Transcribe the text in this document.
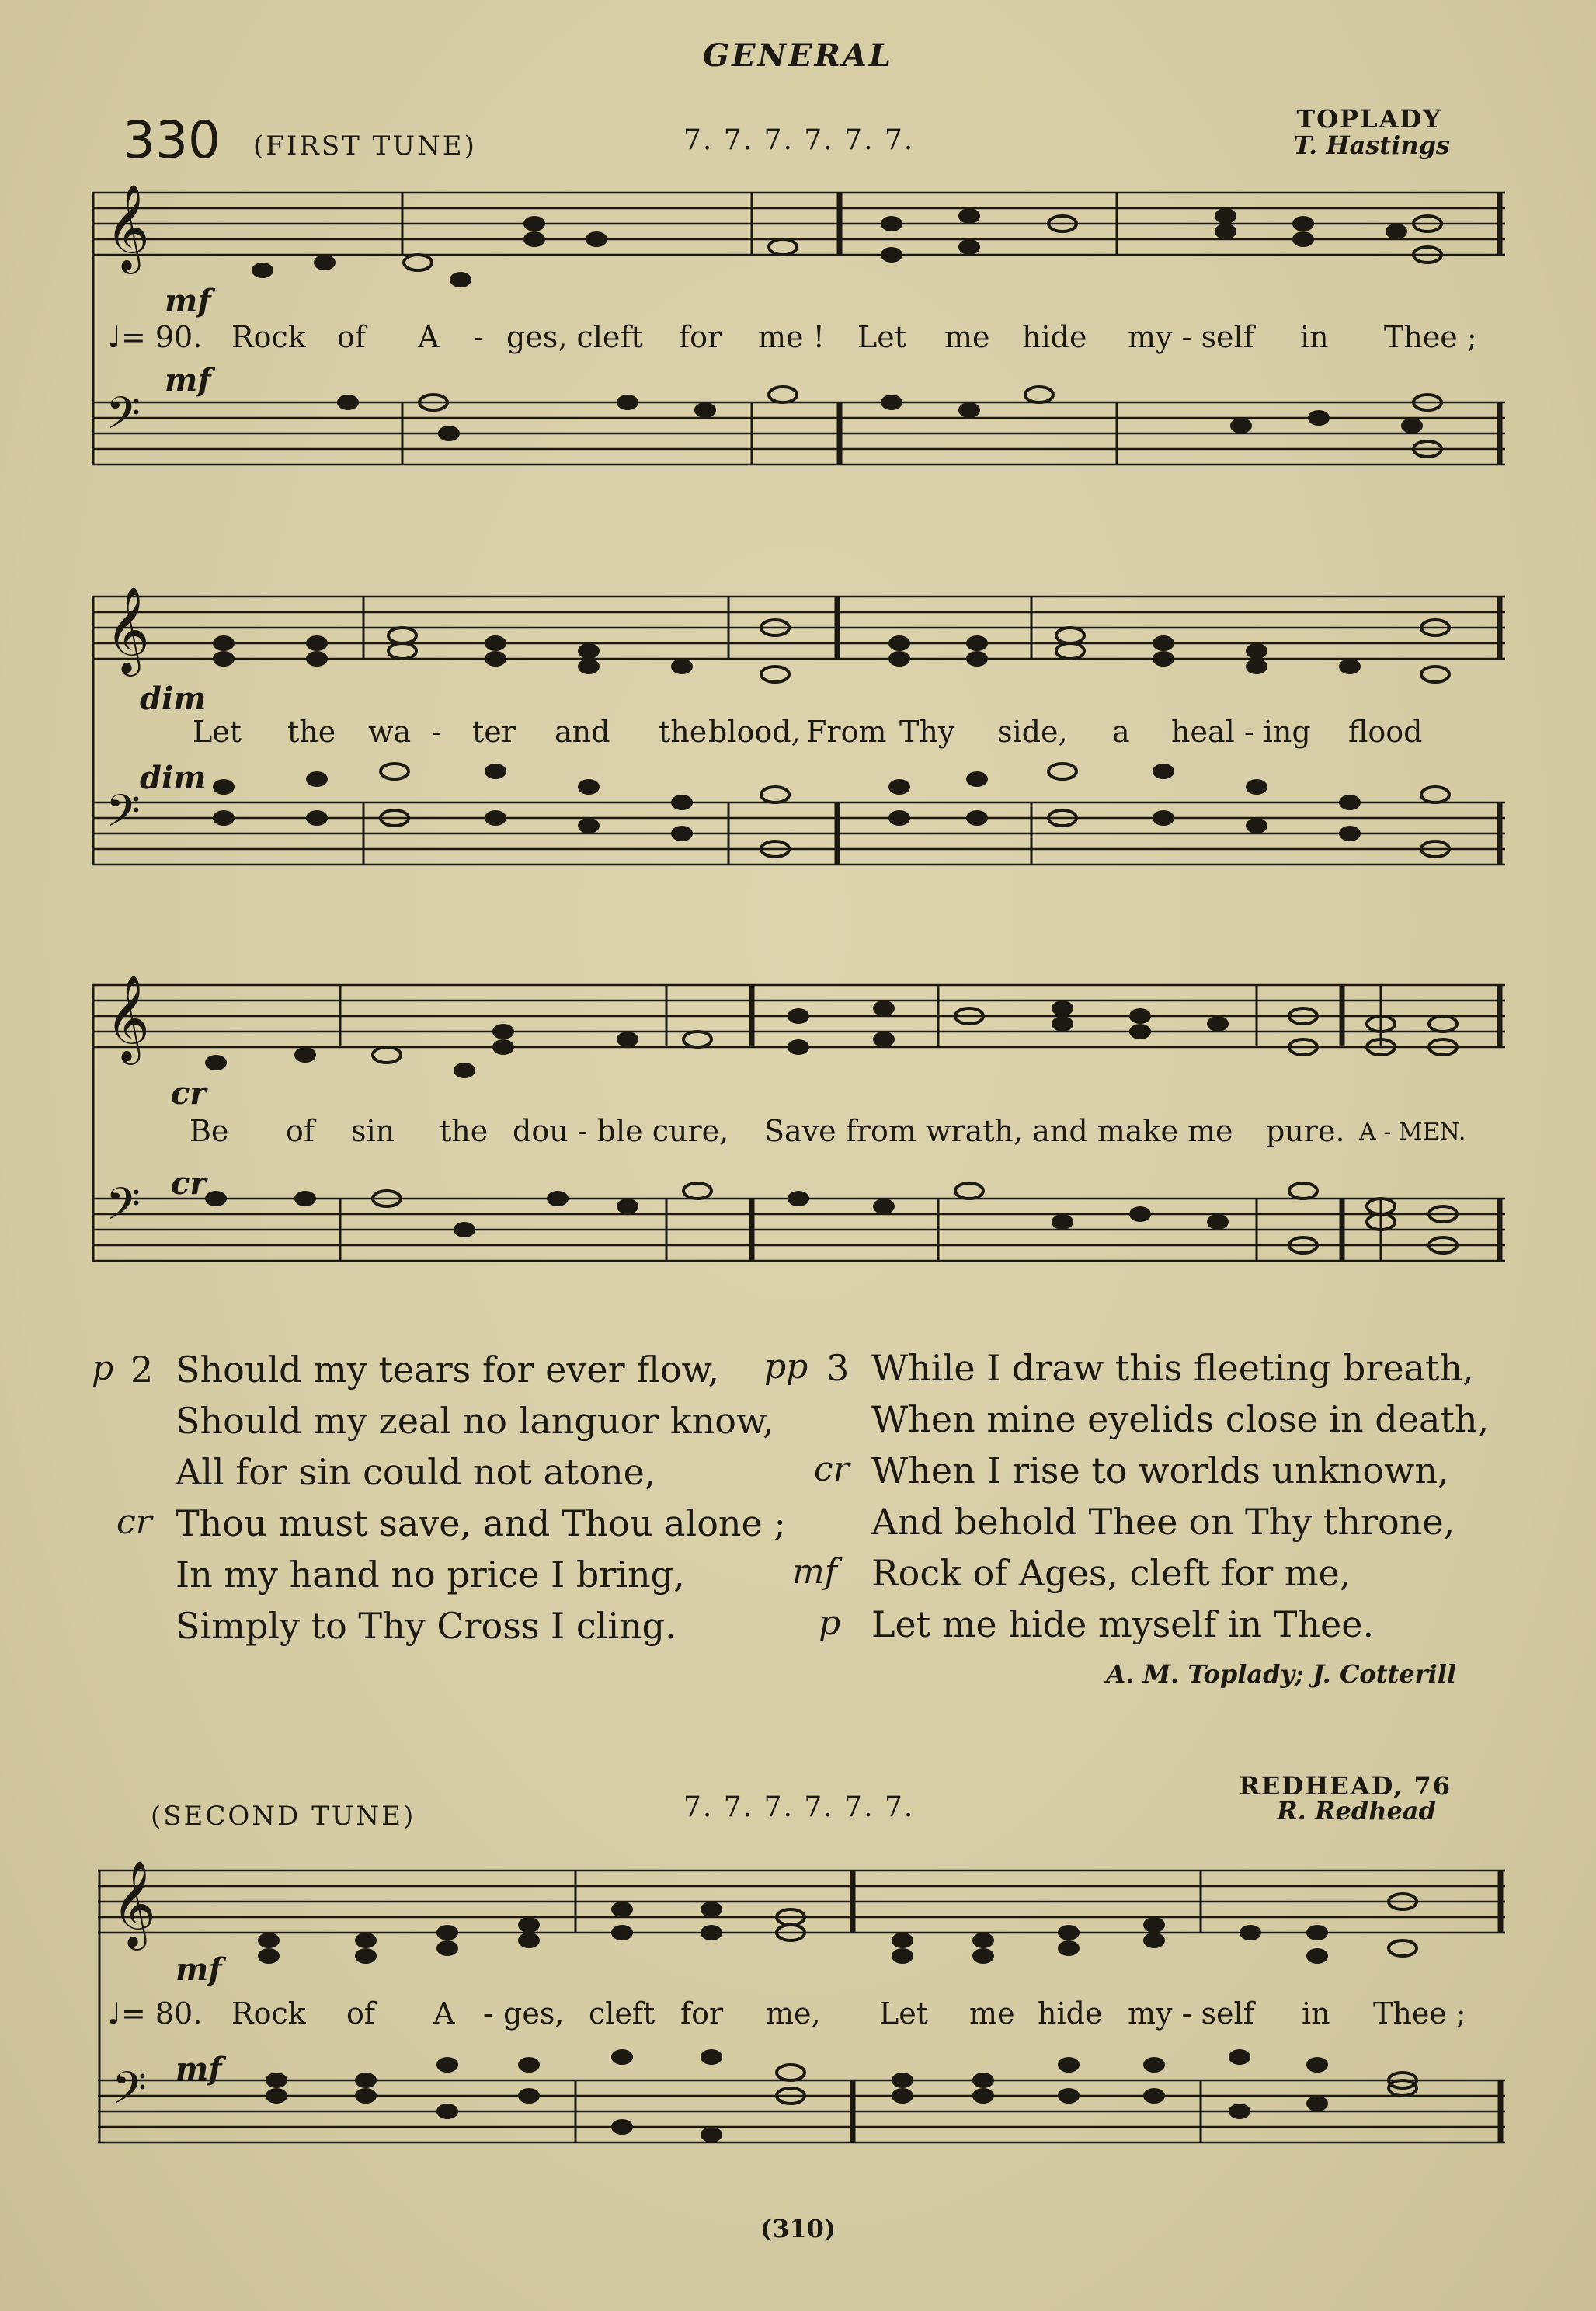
GENERAL
330 (FIRST TUNE)	7. 7. 7. 7. 7. 7.
TOPLADY
T. Hastings
𝄞
𝄢
mf
mf
♩= 90. Rock of A - ges, cleft for me ! Let me hide my - self in Thee ;
𝄞
𝄢
dim
dim
Let the wa - ter and the blood, From Thy side, a heal - ing flood
𝄞
𝄢
cr
cr
Be of sin the dou - ble cure, Save from wrath, and make me pure. A - MEN.
p 2 Should my tears for ever flow,
Should my zeal no languor know,
All for sin could not atone,
cr Thou must save, and Thou alone ;
In my hand no price I bring,
Simply to Thy Cross I cling.
pp 3 While I draw this fleeting breath,
When mine eyelids close in death,
cr When I rise to worlds unknown,
And behold Thee on Thy throne,
mf Rock of Ages, cleft for me,
p Let me hide myself in Thee.
A. M. Toplady; J. Cotterill
(SECOND TUNE)	7. 7. 7. 7. 7. 7.
REDHEAD, 76
R. Redhead
𝄞
𝄢
mf
mf
♩= 80. Rock of A - ges, cleft for me, Let me hide my - self in Thee ;
(310)
